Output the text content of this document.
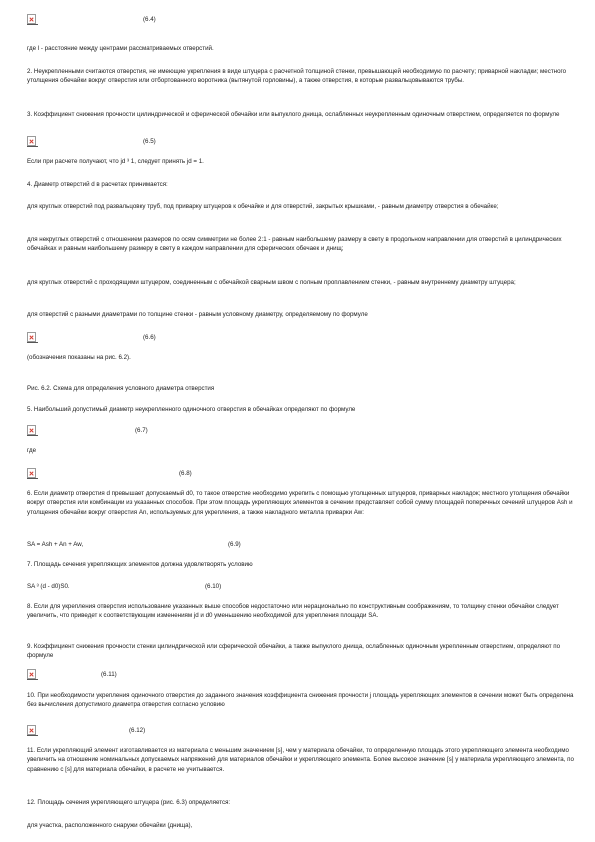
(6.4)
где l - расстояние между центрами рассматриваемых отверстий.
2. Неукрепленными считаются отверстия, не имеющие укрепления в виде штуцера с расчетной толщиной стенки, превышающей необходимую по расчету; приварной накладки; местного утолщения обечайки вокруг отверстия или отбортованного воротника (вытянутой горловины), а также отверстия, в которые развальцовываются трубы.
3. Коэффициент снижения прочности цилиндрической и сферической обечайки или выпуклого днища, ослабленных неукрепленным одиночным отверстием, определяется по формуле
(6.5)
Если при расчете получают, что jd ³ 1, следует принять jd = 1.
4. Диаметр отверстий d в расчетах принимается:
для круглых отверстий под развальцовку труб, под приварку штуцеров к обечайке и для отверстий, закрытых крышками, - равным диаметру отверстия в обечайке;
для некруглых отверстий с отношением размеров по осям симметрии не более 2:1 - равным наибольшему размеру в свету в продольном направлении для отверстий в цилиндрических обечайках и равным наибольшему размеру в свету в каждом направлении для сферических обечаек и днищ;
для круглых отверстий с проходящими штуцером, соединенным с обечайкой сварным швом с полным проплавлением стенки, - равным внутреннему диаметру штуцера;
для отверстий с разными диаметрами по толщине стенки - равным условному диаметру, определяемому по формуле
(6.6)
(обозначения показаны на рис. 6.2).
Рис. 6.2. Схема для определения условного диаметра отверстия
5. Наибольший допустимый диаметр неукрепленного одиночного отверстия в обечайках определяют по формуле
(6.7)
где
(6.8)
6. Если диаметр отверстия d превышает допускаемый d0, то такое отверстие необходимо укрепить с помощью утолщенных штуцеров, приварных накладок; местного утолщения обечайки вокруг отверстия или комбинации из указанных способов. При этом площадь укрепляющих элементов в сечении представляет собой сумму площадей поперечных сечений штуцеров Ash и утолщения обечайки вокруг отверстия An, используемых для укрепления, а также накладного металла приварки Aw:
SA = Ash + An + Aw,	(6.9)
7. Площадь сечения укрепляющих элементов должна удовлетворять условию
SA ³ (d - d0)S0.	(6.10)
8. Если для укрепления отверстия использование указанных выше способов недостаточно или нерационально по конструктивным соображениям, то толщину стенки обечайки следует увеличить, что приведет к соответствующим изменениям jd и d0 уменьшению необходимой для укрепления площади SA.
9. Коэффициент снижения прочности стенки цилиндрической или сферической обечайки, а также выпуклого днища, ослабленных одиночным укрепленным отверстием, определяют по формуле
(6.11)
10. При необходимости укрепления одиночного отверстия до заданного значения коэффициента снижения прочности j площадь укрепляющих элементов в сечении может быть определена без вычисления допустимого диаметра отверстия согласно условию
(6.12)
11. Если укрепляющий элемент изготавливается из материала с меньшим значением [s], чем у материала обечайки, то определенную площадь этого укрепляющего элемента необходимо увеличить на отношение номинальных допускаемых напряжений для материалов обечайки и укрепляющего элемента. Более высокое значение [s] у материала укрепляющего элемента, по сравнению с [s] для материала обечайки, в расчете не учитывается.
12. Площадь сечения укрепляющего штуцера (рис. 6.3) определяется:
для участка, расположенного снаружи обечайки (днища),
